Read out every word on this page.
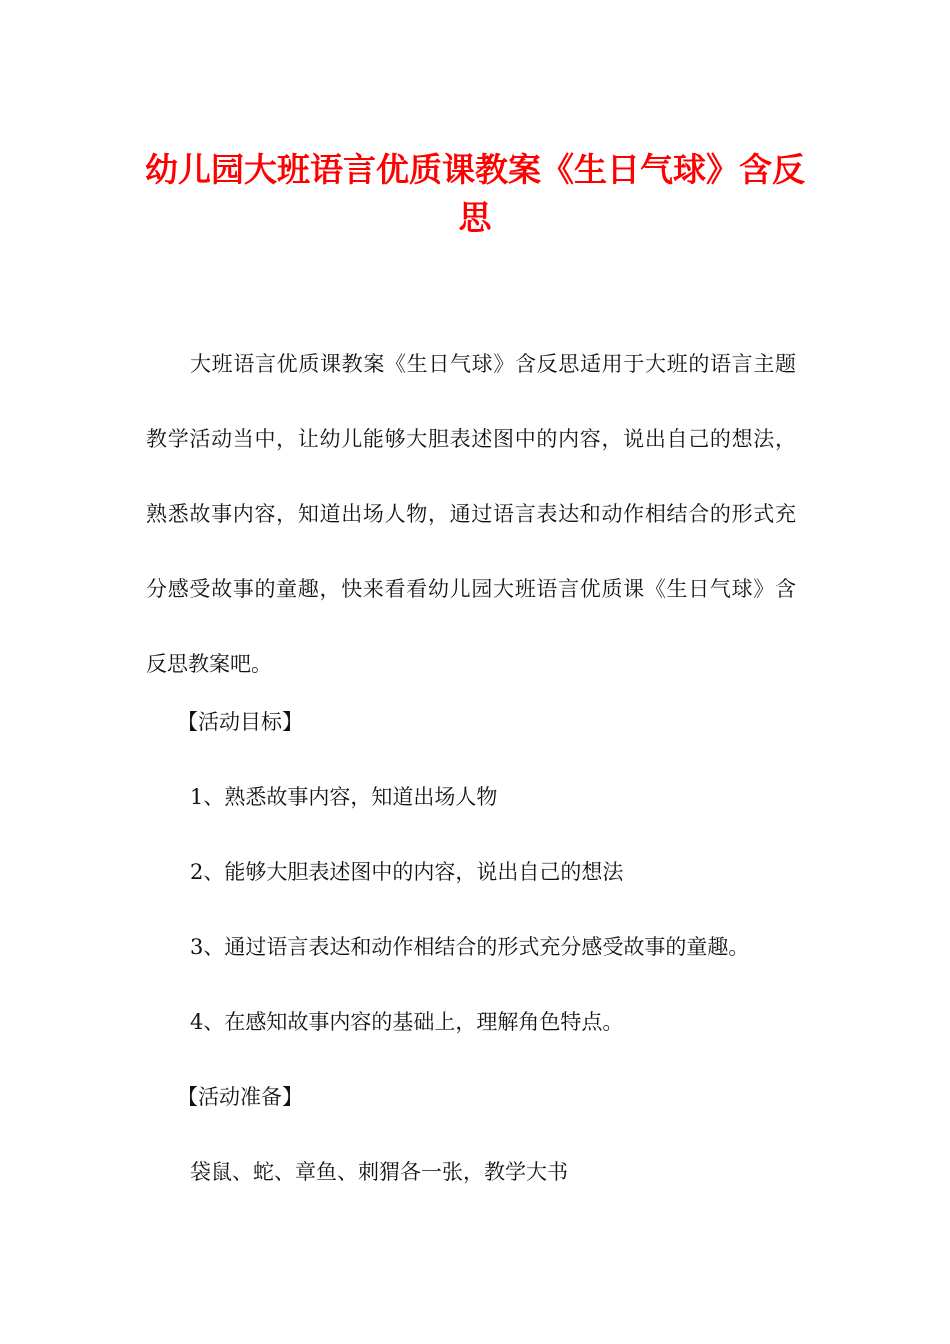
幼儿园大班语言优质课教案《生日气球》含反思

大班语言优质课教案《生日气球》含反思适用于大班的语言主题教学活动当中，让幼儿能够大胆表述图中的内容，说出自己的想法，熟悉故事内容，知道出场人物，通过语言表达和动作相结合的形式充分感受故事的童趣，快来看看幼儿园大班语言优质课《生日气球》含反思教案吧。

【活动目标】

1、熟悉故事内容，知道出场人物

2、能够大胆表述图中的内容，说出自己的想法

3、通过语言表达和动作相结合的形式充分感受故事的童趣。

4、在感知故事内容的基础上，理解角色特点。

【活动准备】

袋鼠、蛇、章鱼、刺猬各一张，教学大书
